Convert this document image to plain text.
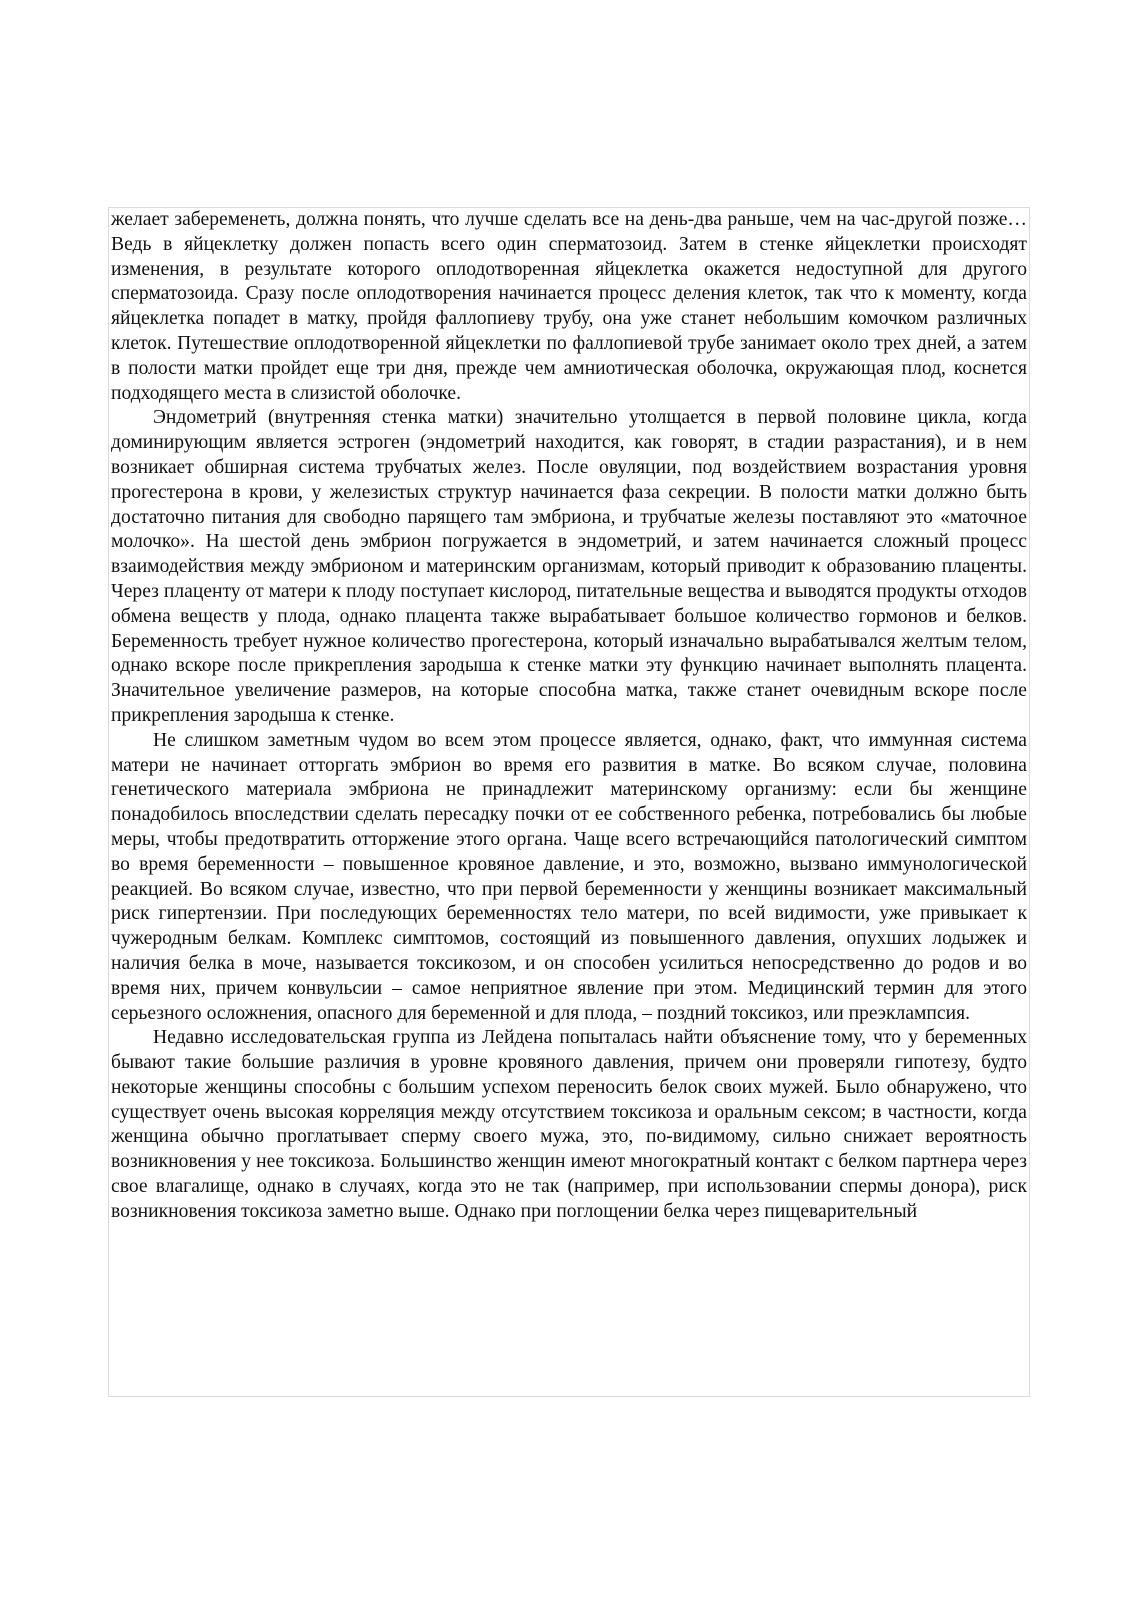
желает забеременеть, должна понять, что лучше сделать все на день-два раньше, чем на час-другой позже… Ведь в яйцеклетку должен попасть всего один сперматозоид. Затем в стенке яйцеклетки происходят изменения, в результате которого оплодотворенная яйцеклетка окажется недоступной для другого сперматозоида. Сразу после оплодотворения начинается процесс деления клеток, так что к моменту, когда яйцеклетка попадет в матку, пройдя фаллопиеву трубу, она уже станет небольшим комочком различных клеток. Путешествие оплодотворенной яйцеклетки по фаллопиевой трубе занимает около трех дней, а затем в полости матки пройдет еще три дня, прежде чем амниотическая оболочка, окружающая плод, коснется подходящего места в слизистой оболочке.

Эндометрий (внутренняя стенка матки) значительно утолщается в первой половине цикла, когда доминирующим является эстроген (эндометрий находится, как говорят, в стадии разрастания), и в нем возникает обширная система трубчатых желез. После овуляции, под воздействием возрастания уровня прогестерона в крови, у железистых структур начинается фаза секреции. В полости матки должно быть достаточно питания для свободно парящего там эмбриона, и трубчатые железы поставляют это «маточное молочко». На шестой день эмбрион погружается в эндометрий, и затем начинается сложный процесс взаимодействия между эмбрионом и материнским организмам, который приводит к образованию плаценты. Через плаценту от матери к плоду поступает кислород, питательные вещества и выводятся продукты отходов обмена веществ у плода, однако плацента также вырабатывает большое количество гормонов и белков. Беременность требует нужное количество прогестерона, который изначально вырабатывался желтым телом, однако вскоре после прикрепления зародыша к стенке матки эту функцию начинает выполнять плацента. Значительное увеличение размеров, на которые способна матка, также станет очевидным вскоре после прикрепления зародыша к стенке.

Не слишком заметным чудом во всем этом процессе является, однако, факт, что иммунная система матери не начинает отторгать эмбрион во время его развития в матке. Во всяком случае, половина генетического материала эмбриона не принадлежит материнскому организму: если бы женщине понадобилось впоследствии сделать пересадку почки от ее собственного ребенка, потребовались бы любые меры, чтобы предотвратить отторжение этого органа. Чаще всего встречающийся патологический симптом во время беременности – повышенное кровяное давление, и это, возможно, вызвано иммунологической реакцией. Во всяком случае, известно, что при первой беременности у женщины возникает максимальный риск гипертензии. При последующих беременностях тело матери, по всей видимости, уже привыкает к чужеродным белкам. Комплекс симптомов, состоящий из повышенного давления, опухших лодыжек и наличия белка в моче, называется токсикозом, и он способен усилиться непосредственно до родов и во время них, причем конвульсии – самое неприятное явление при этом. Медицинский термин для этого серьезного осложнения, опасного для беременной и для плода, – поздний токсикоз, или преэклампсия.

Недавно исследовательская группа из Лейдена попыталась найти объяснение тому, что у беременных бывают такие большие различия в уровне кровяного давления, причем они проверяли гипотезу, будто некоторые женщины способны с большим успехом переносить белок своих мужей. Было обнаружено, что существует очень высокая корреляция между отсутствием токсикоза и оральным сексом; в частности, когда женщина обычно проглатывает сперму своего мужа, это, по-видимому, сильно снижает вероятность возникновения у нее токсикоза. Большинство женщин имеют многократный контакт с белком партнера через свое влагалище, однако в случаях, когда это не так (например, при использовании спермы донора), риск возникновения токсикоза заметно выше. Однако при поглощении белка через пищеварительный
